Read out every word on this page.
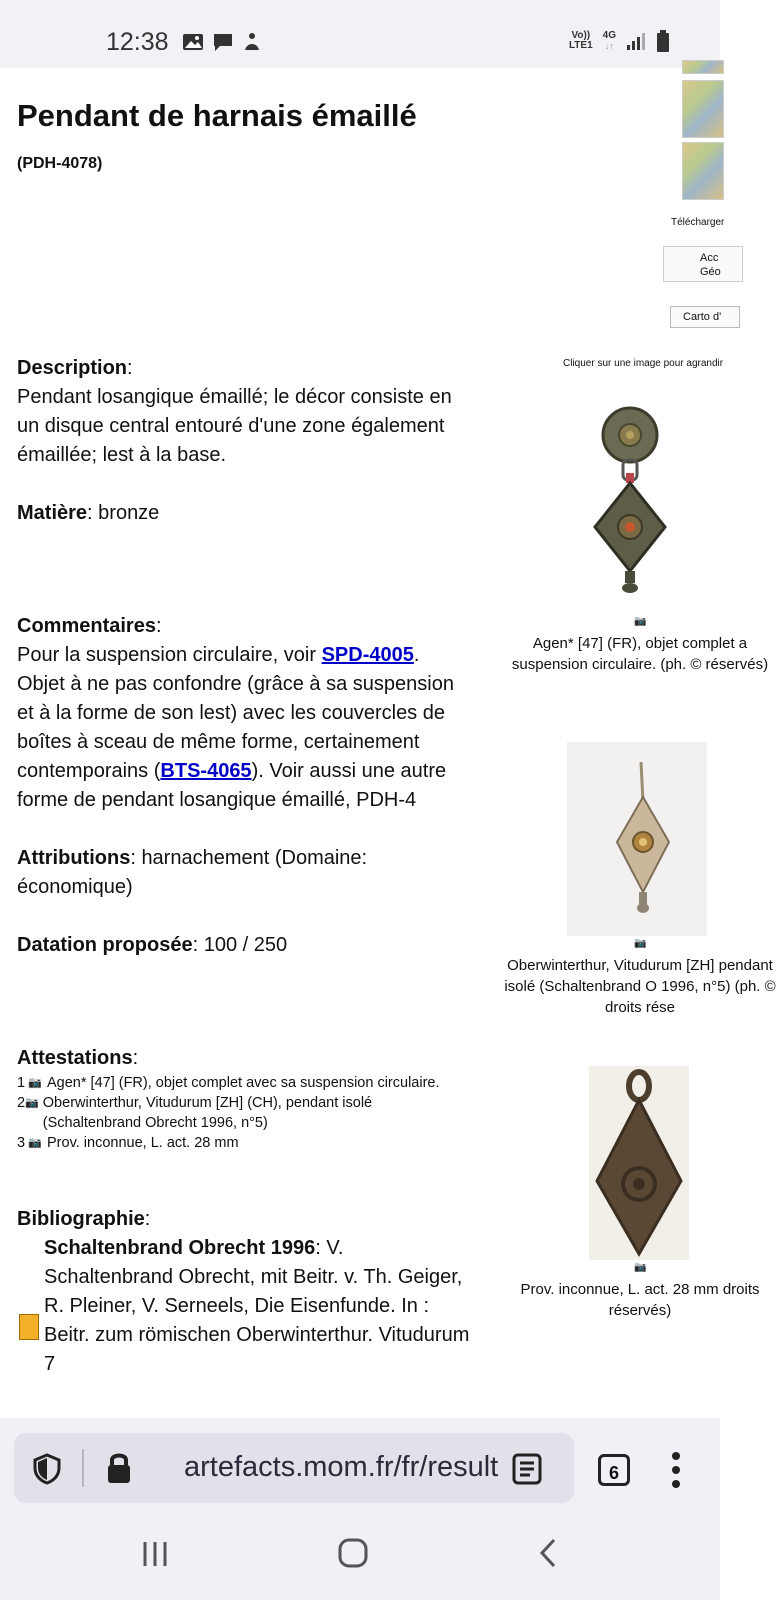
12:38	Vo))
LTE1
4G
↓↑
Pendant de harnais émaillé
(PDH-4078)
Télécharger
Acc
Géo
Carto d'
Cliquer sur une image pour agrandir

Description:
Pendant losangique émaillé; le décor consiste en un disque central entouré d'une zone également émaillée; lest à la base.

Matière: bronze

Commentaires:
Pour la suspension circulaire, voir SPD-4005. Objet à ne pas confondre (grâce à sa suspension et à la forme de son lest) avec les couvercles de boîtes à sceau de même forme, certainement contemporains (BTS-4065). Voir aussi une autre forme de pendant losangique émaillé, PDH-4

Attributions: harnachement (Domaine: économique)

Datation proposée: 100 / 250

Attestations:

1 📷 Agen* [47] (FR), objet complet avec sa suspension circulaire.
2 📷 Oberwinterthur, Vitudurum [ZH] (CH), pendant isolé (Schaltenbrand Obrecht 1996, n°5)
3 📷 Prov. inconnue, L. act. 28 mm

Bibliographie:

Schaltenbrand Obrecht 1996: V. Schaltenbrand Obrecht, mit Beitr. v. Th. Geiger, R. Pleiner, V. Serneels, Die Eisenfunde. In : Beitr. zum römischen Oberwinterthur. Vitudurum 7
📷
Agen* [47] (FR), objet complet a suspension circulaire. (ph. © réservés)
📷
Oberwinterthur, Vitudurum [ZH] pendant isolé (Schaltenbrand O 1996, n°5) (ph. © droits rése
📷
Prov. inconnue, L. act. 28 mm droits réservés)
artefacts.mom.fr/fr/result	6
